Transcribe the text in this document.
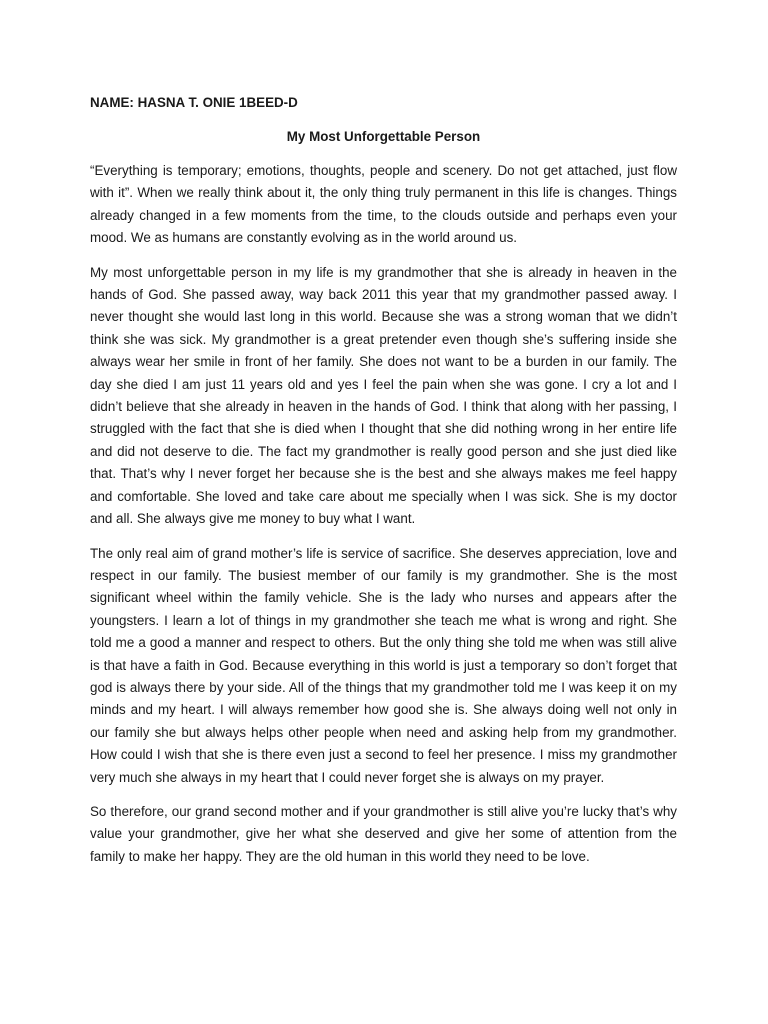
NAME: HASNA T. ONIE 1BEED-D
My Most Unforgettable Person

“Everything is temporary; emotions, thoughts, people and scenery. Do not get attached, just flow with it”. When we really think about it, the only thing truly permanent in this life is changes. Things already changed in a few moments from the time, to the clouds outside and perhaps even your mood. We as humans are constantly evolving as in the world around us.

My most unforgettable person in my life is my grandmother that she is already in heaven in the hands of God. She passed away, way back 2011 this year that my grandmother passed away. I never thought she would last long in this world. Because she was a strong woman that we didn’t think she was sick. My grandmother is a great pretender even though she’s suffering inside she always wear her smile in front of her family. She does not want to be a burden in our family. The day she died I am just 11 years old and yes I feel the pain when she was gone. I cry a lot and I didn’t believe that she already in heaven in the hands of God. I think that along with her passing, I struggled with the fact that she is died when I thought that she did nothing wrong in her entire life and did not deserve to die. The fact my grandmother is really good person and she just died like that. That’s why I never forget her because she is the best and she always makes me feel happy and comfortable. She loved and take care about me specially when I was sick. She is my doctor and all. She always give me money to buy what I want.

The only real aim of grand mother’s life is service of sacrifice. She deserves appreciation, love and respect in our family. The busiest member of our family is my grandmother. She is the most significant wheel within the family vehicle. She is the lady who nurses and appears after the youngsters. I learn a lot of things in my grandmother she teach me what is wrong and right. She told me a good a manner and respect to others. But the only thing she told me when was still alive is that have a faith in God. Because everything in this world is just a temporary so don’t forget that god is always there by your side. All of the things that my grandmother told me I was keep it on my minds and my heart. I will always remember how good she is. She always doing well not only in our family she but always helps other people when need and asking help from my grandmother. How could I wish that she is there even just a second to feel her presence. I miss my grandmother very much she always in my heart that I could never forget she is always on my prayer.

So therefore, our grand second mother and if your grandmother is still alive you’re lucky that’s why value your grandmother, give her what she deserved and give her some of attention from the family to make her happy. They are the old human in this world they need to be love.
